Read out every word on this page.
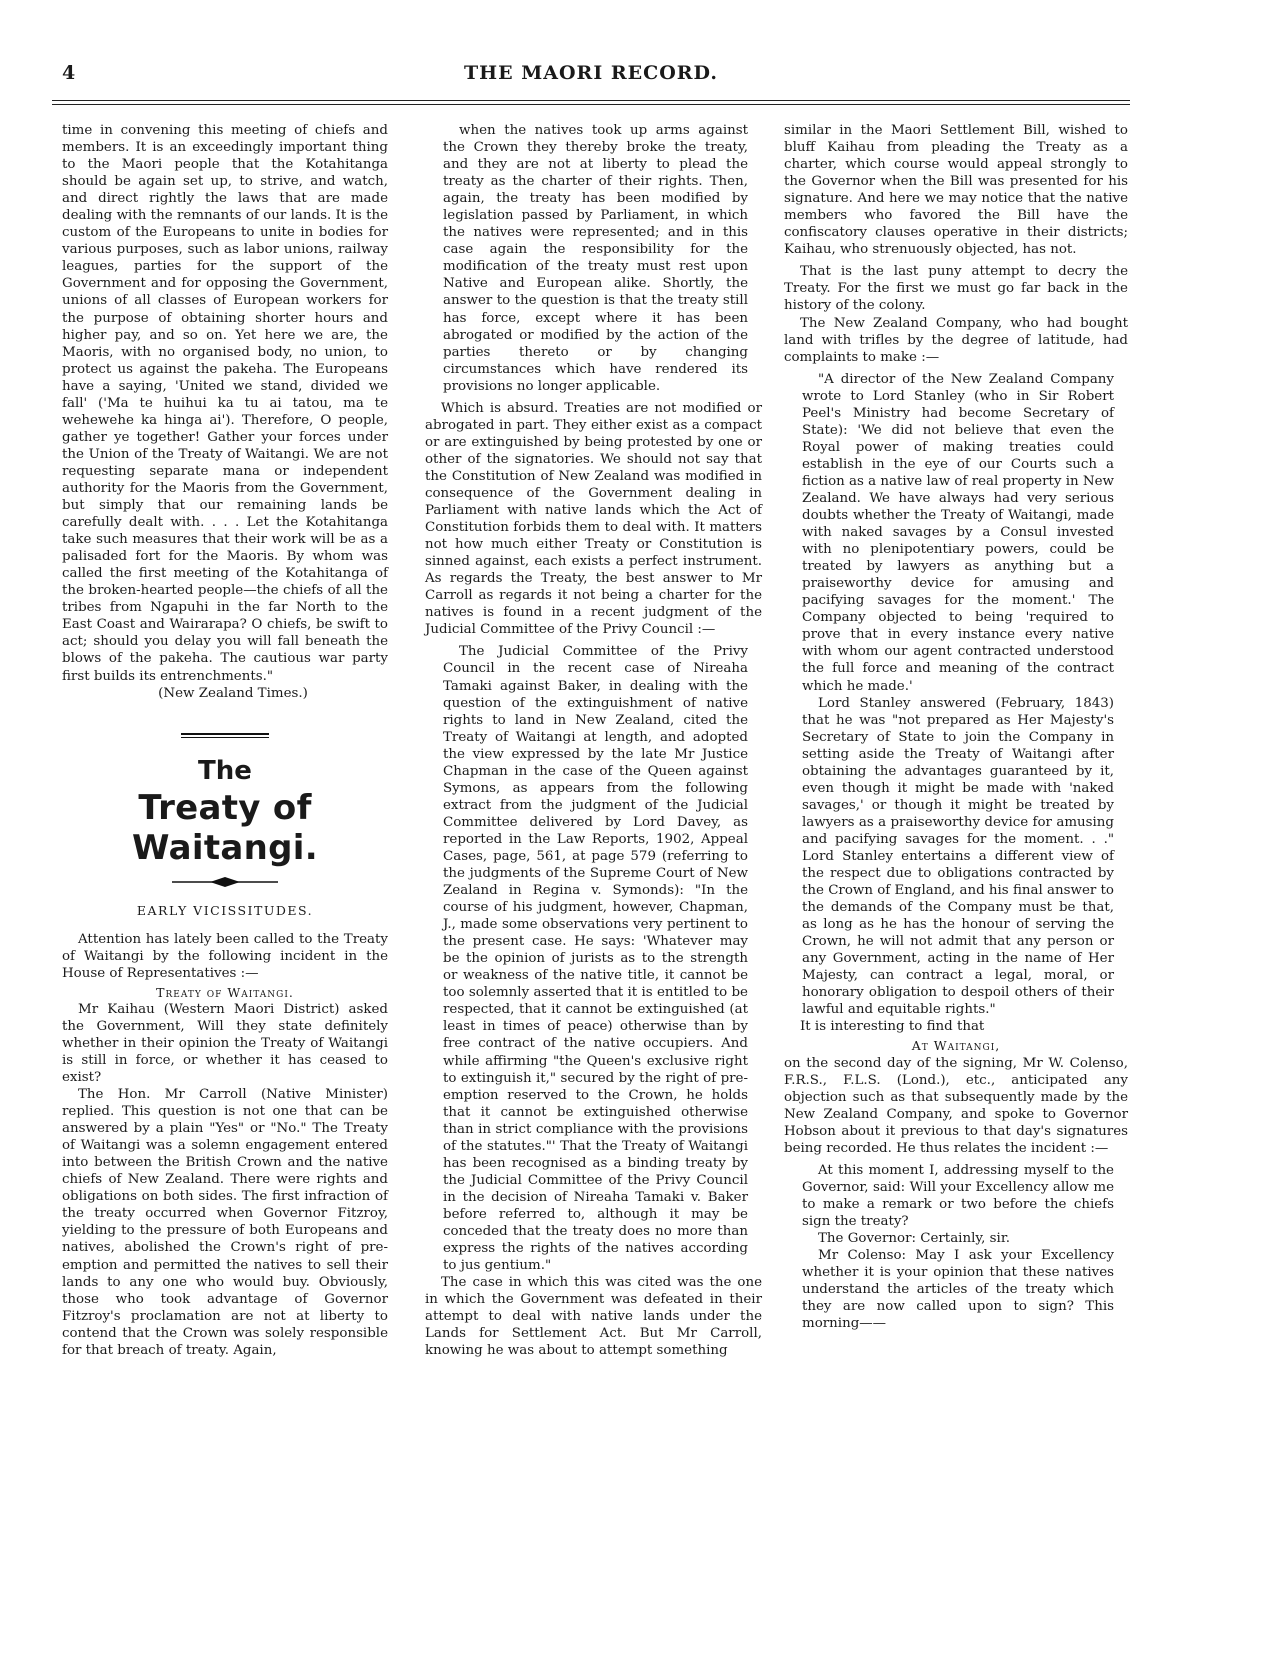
4	THE MAORI RECORD.

time in convening this meeting of chiefs and members. It is an exceedingly important thing to the Maori people that the Kotahitanga should be again set up, to strive, and watch, and direct rightly the laws that are made dealing with the remnants of our lands. It is the custom of the Europeans to unite in bodies for various purposes, such as labor unions, railway leagues, parties for the support of the Government and for opposing the Government, unions of all classes of European workers for the purpose of obtaining shorter hours and higher pay, and so on. Yet here we are, the Maoris, with no organised body, no union, to protect us against the pakeha. The Europeans have a saying, 'United we stand, divided we fall' ('Ma te huihui ka tu ai tatou, ma te wehewehe ka hinga ai'). Therefore, O people, gather ye together! Gather your forces under the Union of the Treaty of Waitangi. We are not requesting separate mana or independent authority for the Maoris from the Government, but simply that our remaining lands be carefully dealt with. . . . Let the Kotahitanga take such measures that their work will be as a palisaded fort for the Maoris. By whom was called the first meeting of the Kotahitanga of the broken-hearted people—the chiefs of all the tribes from Ngapuhi in the far North to the East Coast and Wairarapa? O chiefs, be swift to act; should you delay you will fall beneath the blows of the pakeha. The cautious war party first builds its entrenchments."

(New Zealand Times.)

The
Treaty of Waitangi.
EARLY VICISSITUDES.

Attention has lately been called to the Treaty of Waitangi by the following incident in the House of Representatives :—

Treaty of Waitangi.

Mr Kaihau (Western Maori District) asked the Government, Will they state definitely whether in their opinion the Treaty of Waitangi is still in force, or whether it has ceased to exist?

The Hon. Mr Carroll (Native Minister) replied. This question is not one that can be answered by a plain "Yes" or "No." The Treaty of Waitangi was a solemn engagement entered into between the British Crown and the native chiefs of New Zealand. There were rights and obligations on both sides. The first infraction of the treaty occurred when Governor Fitzroy, yielding to the pressure of both Europeans and natives, abolished the Crown's right of pre-emption and permitted the natives to sell their lands to any one who would buy. Obviously, those who took advantage of Governor Fitzroy's proclamation are not at liberty to contend that the Crown was solely responsible for that breach of treaty. Again,

when the natives took up arms against the Crown they thereby broke the treaty, and they are not at liberty to plead the treaty as the charter of their rights. Then, again, the treaty has been modified by legislation passed by Parliament, in which the natives were represented; and in this case again the responsibility for the modification of the treaty must rest upon Native and European alike. Shortly, the answer to the question is that the treaty still has force, except where it has been abrogated or modified by the action of the parties thereto or by changing circumstances which have rendered its provisions no longer applicable.

Which is absurd. Treaties are not modified or abrogated in part. They either exist as a compact or are extinguished by being protested by one or other of the signatories. We should not say that the Constitution of New Zealand was modified in consequence of the Government dealing in Parliament with native lands which the Act of Constitution forbids them to deal with. It matters not how much either Treaty or Constitution is sinned against, each exists a perfect instrument. As regards the Treaty, the best answer to Mr Carroll as regards it not being a charter for the natives is found in a recent judgment of the Judicial Committee of the Privy Council :—

The Judicial Committee of the Privy Council in the recent case of Nireaha Tamaki against Baker, in dealing with the question of the extinguishment of native rights to land in New Zealand, cited the Treaty of Waitangi at length, and adopted the view expressed by the late Mr Justice Chapman in the case of the Queen against Symons, as appears from the following extract from the judgment of the Judicial Committee delivered by Lord Davey, as reported in the Law Reports, 1902, Appeal Cases, page, 561, at page 579 (referring to the judgments of the Supreme Court of New Zealand in Regina v. Symonds): "In the course of his judgment, however, Chapman, J., made some observations very pertinent to the present case. He says: 'Whatever may be the opinion of jurists as to the strength or weakness of the native title, it cannot be too solemnly asserted that it is entitled to be respected, that it cannot be extinguished (at least in times of peace) otherwise than by free contract of the native occupiers. And while affirming "the Queen's exclusive right to extinguish it," secured by the right of pre-emption reserved to the Crown, he holds that it cannot be extinguished otherwise than in strict compliance with the provisions of the statutes."' That the Treaty of Waitangi has been recognised as a binding treaty by the Judicial Committee of the Privy Council in the decision of Nireaha Tamaki v. Baker before referred to, although it may be conceded that the treaty does no more than express the rights of the natives according to jus gentium."

The case in which this was cited was the one in which the Government was defeated in their attempt to deal with native lands under the Lands for Settlement Act. But Mr Carroll, knowing he was about to attempt something

similar in the Maori Settlement Bill, wished to bluff Kaihau from pleading the Treaty as a charter, which course would appeal strongly to the Governor when the Bill was presented for his signature. And here we may notice that the native members who favored the Bill have the confiscatory clauses operative in their districts; Kaihau, who strenuously objected, has not.

That is the last puny attempt to decry the Treaty. For the first we must go far back in the history of the colony.

The New Zealand Company, who had bought land with trifles by the degree of latitude, had complaints to make :—

"A director of the New Zealand Company wrote to Lord Stanley (who in Sir Robert Peel's Ministry had become Secretary of State): 'We did not believe that even the Royal power of making treaties could establish in the eye of our Courts such a fiction as a native law of real property in New Zealand. We have always had very serious doubts whether the Treaty of Waitangi, made with naked savages by a Consul invested with no plenipotentiary powers, could be treated by lawyers as anything but a praiseworthy device for amusing and pacifying savages for the moment.' The Company objected to being 'required to prove that in every instance every native with whom our agent contracted understood the full force and meaning of the contract which he made.'

Lord Stanley answered (February, 1843) that he was "not prepared as Her Majesty's Secretary of State to join the Company in setting aside the Treaty of Waitangi after obtaining the advantages guaranteed by it, even though it might be made with 'naked savages,' or though it might be treated by lawyers as a praiseworthy device for amusing and pacifying savages for the moment. . ." Lord Stanley entertains a different view of the respect due to obligations contracted by the Crown of England, and his final answer to the demands of the Company must be that, as long as he has the honour of serving the Crown, he will not admit that any person or any Government, acting in the name of Her Majesty, can contract a legal, moral, or honorary obligation to despoil others of their lawful and equitable rights."

It is interesting to find that

At Waitangi,

on the second day of the signing, Mr W. Colenso, F.R.S., F.L.S. (Lond.), etc., anticipated any objection such as that subsequently made by the New Zealand Company, and spoke to Governor Hobson about it previous to that day's signatures being recorded. He thus relates the incident :—

At this moment I, addressing myself to the Governor, said: Will your Excellency allow me to make a remark or two before the chiefs sign the treaty?

The Governor: Certainly, sir.

Mr Colenso: May I ask your Excellency whether it is your opinion that these natives understand the articles of the treaty which they are now called upon to sign? This morning——
